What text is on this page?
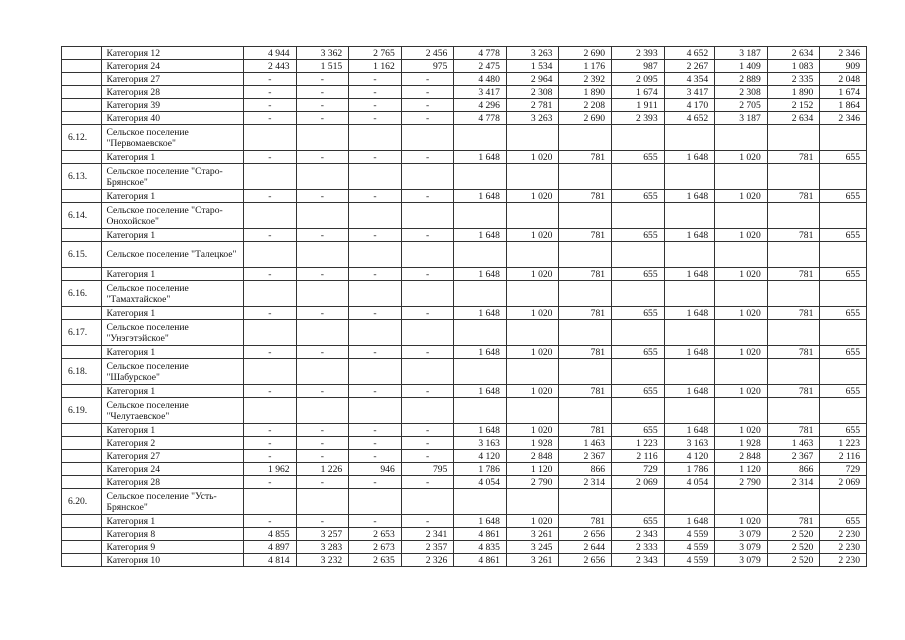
	Категория 12	4 944	3 362	2 765	2 456	4 778	3 263	2 690	2 393	4 652	3 187	2 634	2 346
	Категория 24	2 443	1 515	1 162	975	2 475	1 534	1 176	987	2 267	1 409	1 083	909
	Категория 27	-	-	-	-	4 480	2 964	2 392	2 095	4 354	2 889	2 335	2 048
	Категория 28	-	-	-	-	3 417	2 308	1 890	1 674	3 417	2 308	1 890	1 674
	Категория 39	-	-	-	-	4 296	2 781	2 208	1 911	4 170	2 705	2 152	1 864
	Категория 40	-	-	-	-	4 778	3 263	2 690	2 393	4 652	3 187	2 634	2 346
6.12.	Сельское поселение "Первомаевское"												
	Категория 1	-	-	-	-	1 648	1 020	781	655	1 648	1 020	781	655
6.13.	Сельское поселение "Старо-Брянское"												
	Категория 1	-	-	-	-	1 648	1 020	781	655	1 648	1 020	781	655
6.14.	Сельское поселение "Старо-Онохойское"												
	Категория 1	-	-	-	-	1 648	1 020	781	655	1 648	1 020	781	655
6.15.	Сельское поселение "Талецкое"												
	Категория 1	-	-	-	-	1 648	1 020	781	655	1 648	1 020	781	655
6.16.	Сельское поселение "Тамахтайское"												
	Категория 1	-	-	-	-	1 648	1 020	781	655	1 648	1 020	781	655
6.17.	Сельское поселение "Унэгэтэйское"												
	Категория 1	-	-	-	-	1 648	1 020	781	655	1 648	1 020	781	655
6.18.	Сельское поселение "Шабурское"												
	Категория 1	-	-	-	-	1 648	1 020	781	655	1 648	1 020	781	655
6.19.	Сельское поселение "Челутаевское"												
	Категория 1	-	-	-	-	1 648	1 020	781	655	1 648	1 020	781	655
	Категория 2	-	-	-	-	3 163	1 928	1 463	1 223	3 163	1 928	1 463	1 223
	Категория 27	-	-	-	-	4 120	2 848	2 367	2 116	4 120	2 848	2 367	2 116
	Категория 24	1 962	1 226	946	795	1 786	1 120	866	729	1 786	1 120	866	729
	Категория 28	-	-	-	-	4 054	2 790	2 314	2 069	4 054	2 790	2 314	2 069
6.20.	Сельское поселение "Усть-Брянское"												
	Категория 1	-	-	-	-	1 648	1 020	781	655	1 648	1 020	781	655
	Категория 8	4 855	3 257	2 653	2 341	4 861	3 261	2 656	2 343	4 559	3 079	2 520	2 230
	Категория 9	4 897	3 283	2 673	2 357	4 835	3 245	2 644	2 333	4 559	3 079	2 520	2 230
	Категория 10	4 814	3 232	2 635	2 326	4 861	3 261	2 656	2 343	4 559	3 079	2 520	2 230
